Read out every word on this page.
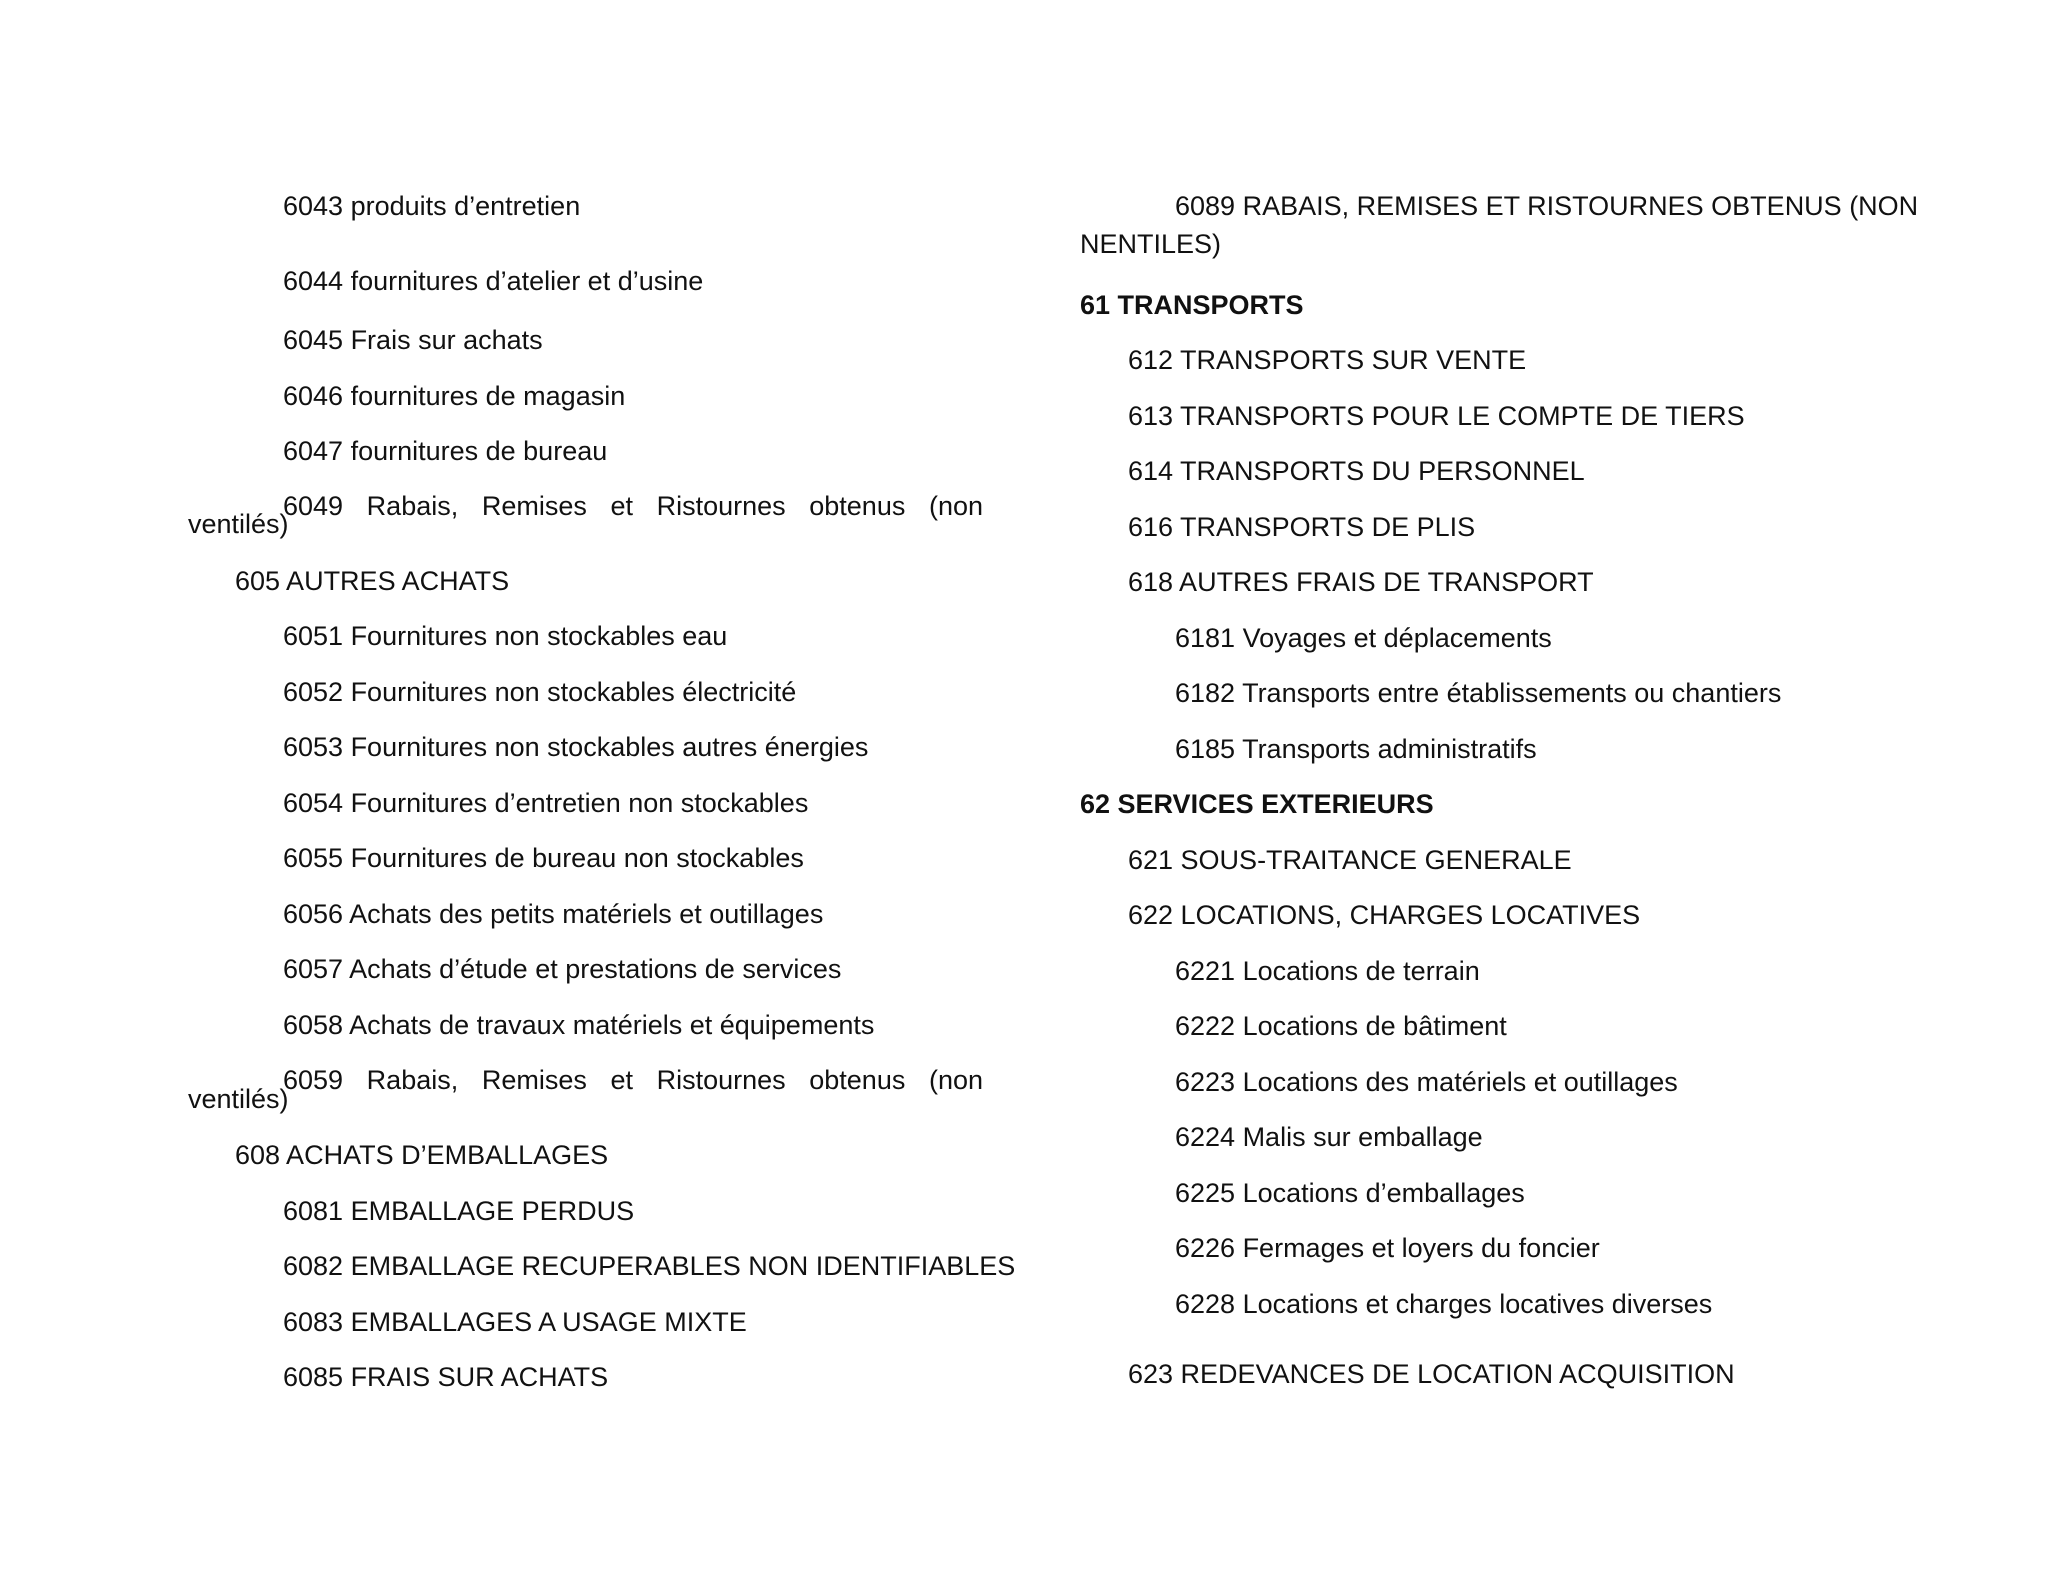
6043 produits d’entretien
6044 fournitures d’atelier et d’usine
6045 Frais sur achats
6046 fournitures de magasin
6047 fournitures de bureau
6049 Rabais, Remises et Ristournes obtenus (non
ventilés)
605 AUTRES ACHATS
6051 Fournitures non stockables eau
6052 Fournitures non stockables électricité
6053 Fournitures non stockables autres énergies
6054 Fournitures d’entretien non stockables
6055 Fournitures de bureau non stockables
6056 Achats des petits matériels et outillages
6057 Achats d’étude et prestations de services
6058 Achats de travaux matériels et équipements
6059 Rabais, Remises et Ristournes obtenus (non
ventilés)
608 ACHATS D’EMBALLAGES
6081 EMBALLAGE PERDUS
6082 EMBALLAGE RECUPERABLES NON IDENTIFIABLES
6083 EMBALLAGES A USAGE MIXTE
6085 FRAIS SUR ACHATS
6089 RABAIS, REMISES ET RISTOURNES OBTENUS (NON
NENTILES)
61 TRANSPORTS
612 TRANSPORTS SUR VENTE
613 TRANSPORTS POUR LE COMPTE DE TIERS
614 TRANSPORTS DU PERSONNEL
616 TRANSPORTS DE PLIS
618 AUTRES FRAIS DE TRANSPORT
6181 Voyages et déplacements
6182 Transports entre établissements ou chantiers
6185 Transports administratifs
62 SERVICES EXTERIEURS
621 SOUS-TRAITANCE GENERALE
622 LOCATIONS, CHARGES LOCATIVES
6221 Locations de terrain
6222 Locations de bâtiment
6223 Locations des matériels et outillages
6224 Malis sur emballage
6225 Locations d’emballages
6226 Fermages et loyers du foncier
6228 Locations et charges locatives diverses
623 REDEVANCES DE LOCATION ACQUISITION
